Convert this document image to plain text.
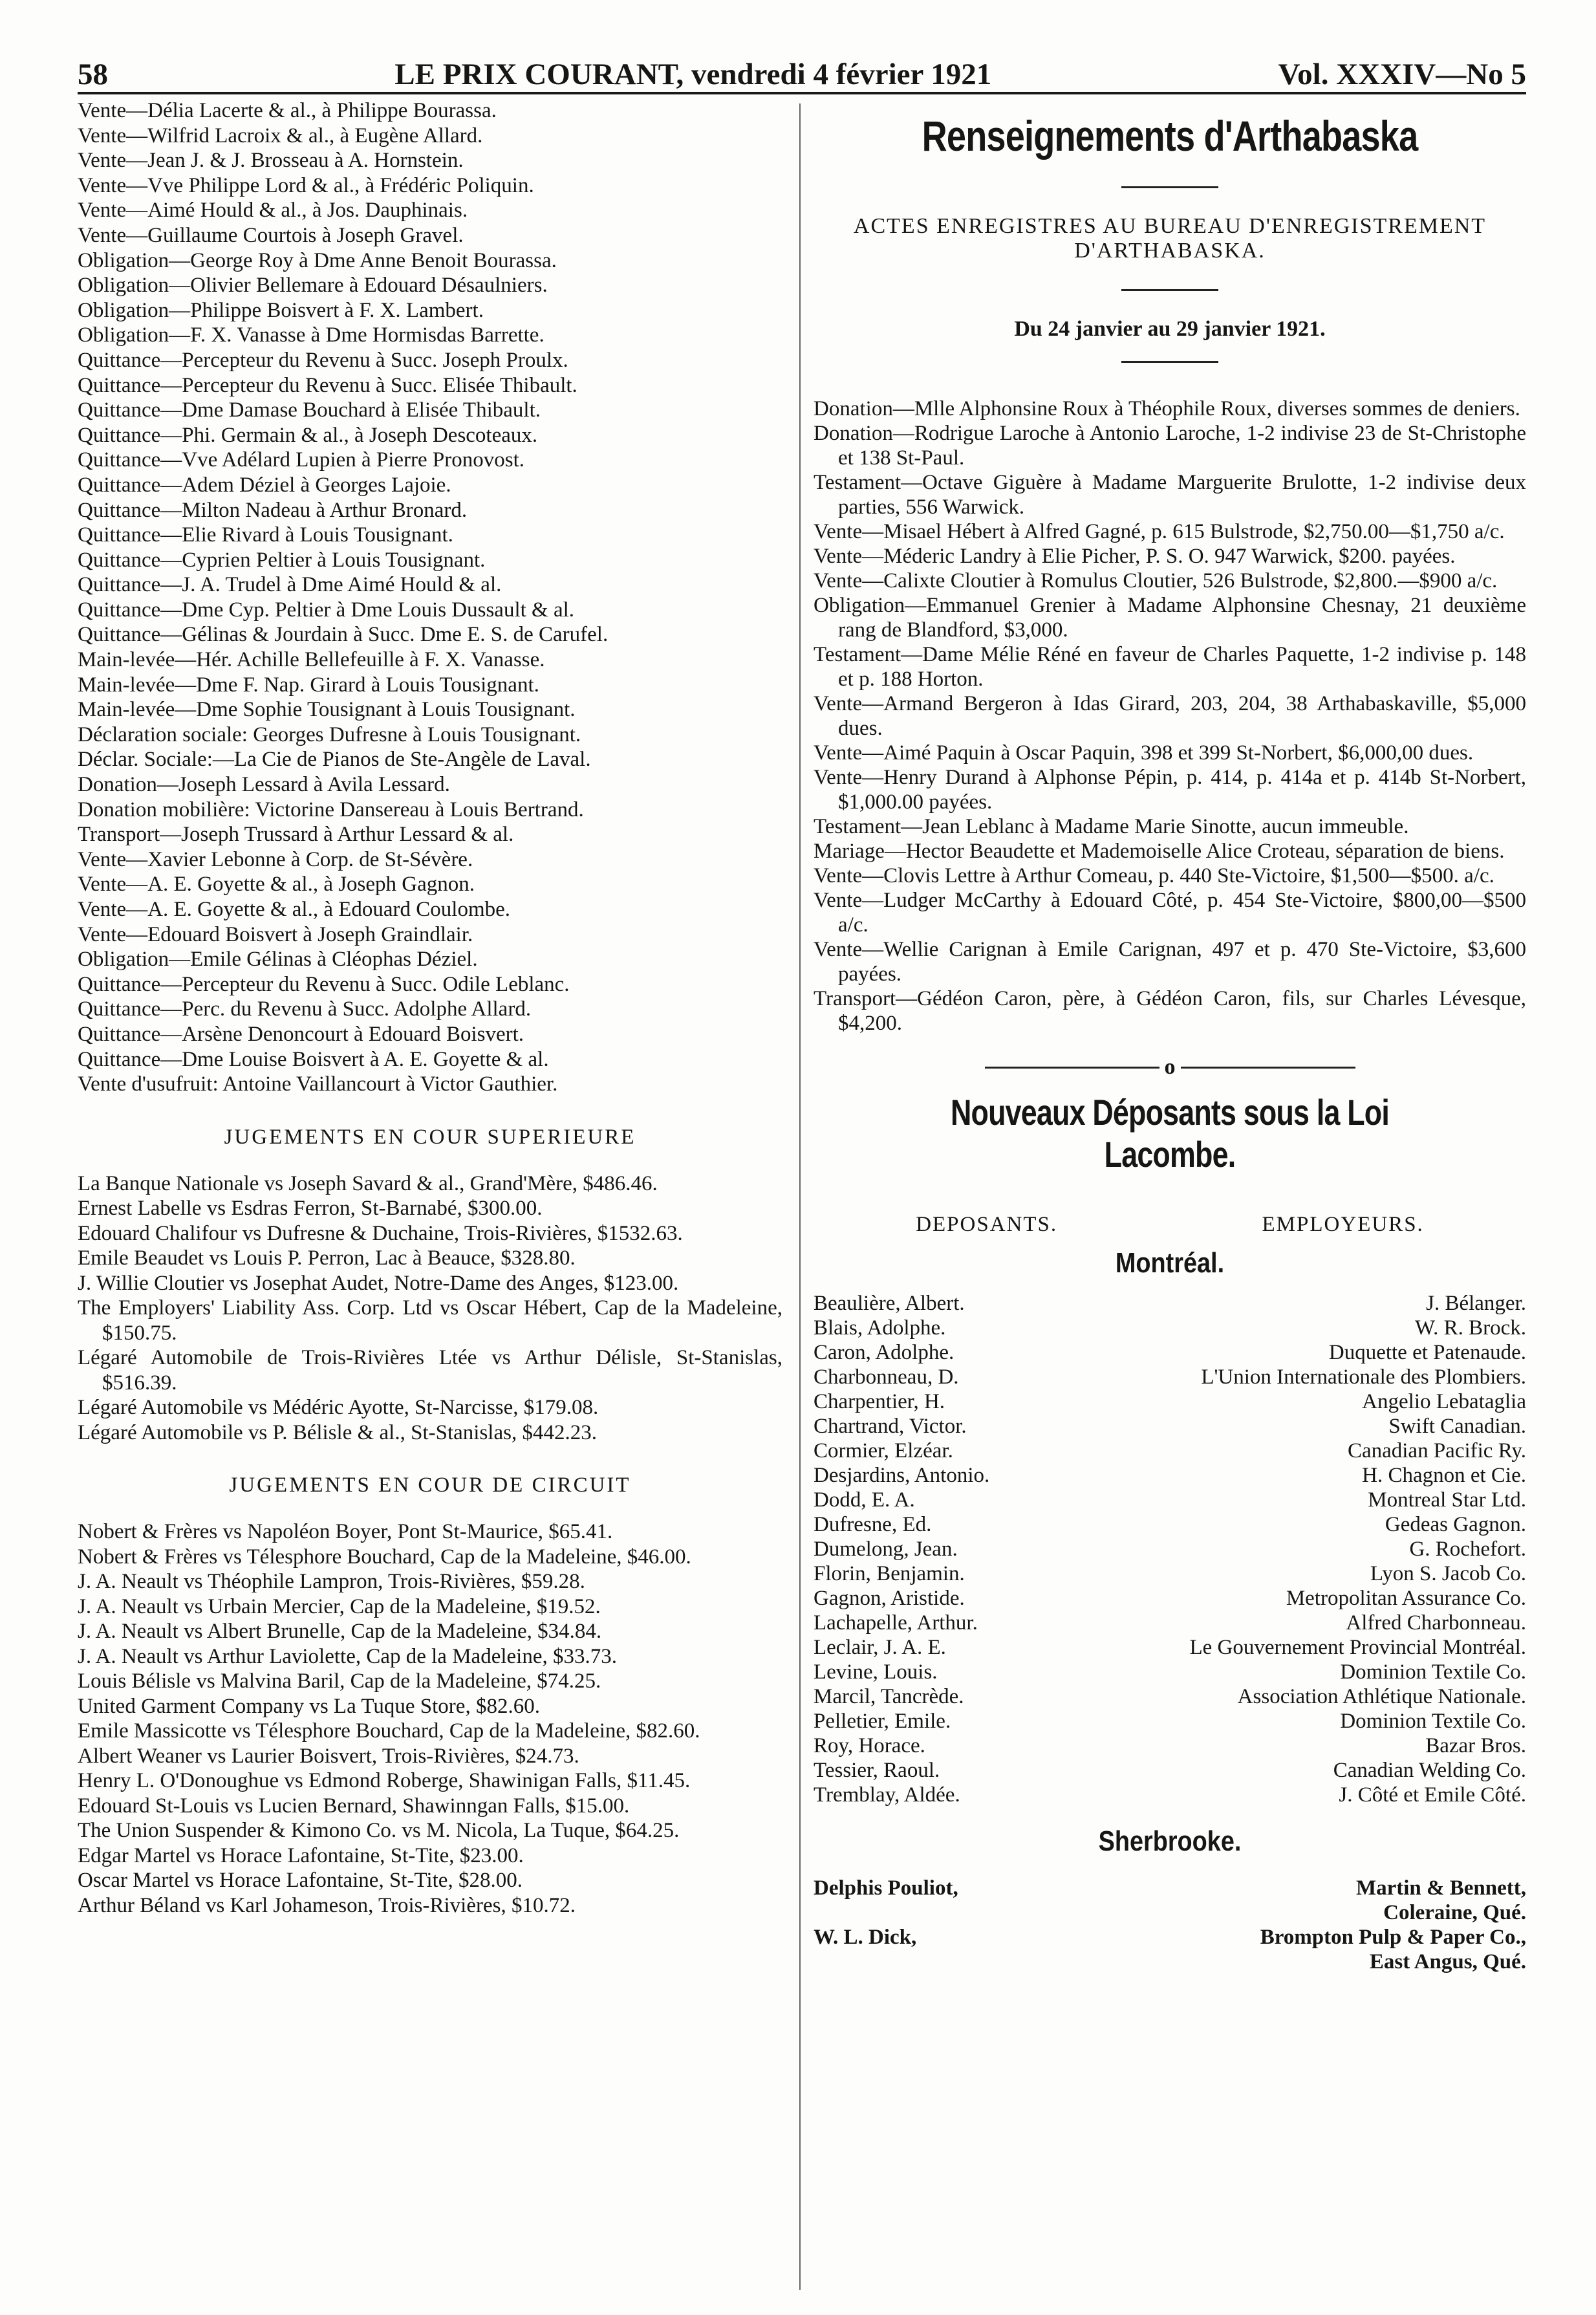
58	LE PRIX COURANT, vendredi 4 février 1921	Vol. XXXIV—No 5

Vente—Délia Lacerte & al., à Philippe Bourassa.

Vente—Wilfrid Lacroix & al., à Eugène Allard.

Vente—Jean J. & J. Brosseau à A. Hornstein.

Vente—Vve Philippe Lord & al., à Frédéric Poliquin.

Vente—Aimé Hould & al., à Jos. Dauphinais.

Vente—Guillaume Courtois à Joseph Gravel.

Obligation—George Roy à Dme Anne Benoit Bourassa.

Obligation—Olivier Bellemare à Edouard Désaulniers.

Obligation—Philippe Boisvert à F. X. Lambert.

Obligation—F. X. Vanasse à Dme Hormisdas Barrette.

Quittance—Percepteur du Revenu à Succ. Joseph Proulx.

Quittance—Percepteur du Revenu à Succ. Elisée Thibault.

Quittance—Dme Damase Bouchard à Elisée Thibault.

Quittance—Phi. Germain & al., à Joseph Descoteaux.

Quittance—Vve Adélard Lupien à Pierre Pronovost.

Quittance—Adem Déziel à Georges Lajoie.

Quittance—Milton Nadeau à Arthur Bronard.

Quittance—Elie Rivard à Louis Tousignant.

Quittance—Cyprien Peltier à Louis Tousignant.

Quittance—J. A. Trudel à Dme Aimé Hould & al.

Quittance—Dme Cyp. Peltier à Dme Louis Dussault & al.

Quittance—Gélinas & Jourdain à Succ. Dme E. S. de Carufel.

Main-levée—Hér. Achille Bellefeuille à F. X. Vanasse.

Main-levée—Dme F. Nap. Girard à Louis Tousignant.

Main-levée—Dme Sophie Tousignant à Louis Tousignant.

Déclaration sociale: Georges Dufresne à Louis Tousignant.

Déclar. Sociale:—La Cie de Pianos de Ste-Angèle de Laval.

Donation—Joseph Lessard à Avila Lessard.

Donation mobilière: Victorine Dansereau à Louis Bertrand.

Transport—Joseph Trussard à Arthur Lessard & al.

Vente—Xavier Lebonne à Corp. de St-Sévère.

Vente—A. E. Goyette & al., à Joseph Gagnon.

Vente—A. E. Goyette & al., à Edouard Coulombe.

Vente—Edouard Boisvert à Joseph Graindlair.

Obligation—Emile Gélinas à Cléophas Déziel.

Quittance—Percepteur du Revenu à Succ. Odile Leblanc.

Quittance—Perc. du Revenu à Succ. Adolphe Allard.

Quittance—Arsène Denoncourt à Edouard Boisvert.

Quittance—Dme Louise Boisvert à A. E. Goyette & al.

Vente d'usufruit: Antoine Vaillancourt à Victor Gauthier.

JUGEMENTS EN COUR SUPERIEURE

La Banque Nationale vs Joseph Savard & al., Grand'Mère, $486.46.

Ernest Labelle vs Esdras Ferron, St-Barnabé, $300.00.

Edouard Chalifour vs Dufresne & Duchaine, Trois-Rivières, $1532.63.

Emile Beaudet vs Louis P. Perron, Lac à Beauce, $328.80.

J. Willie Cloutier vs Josephat Audet, Notre-Dame des Anges, $123.00.

The Employers' Liability Ass. Corp. Ltd vs Oscar Hébert, Cap de la Madeleine, $150.75.

Légaré Automobile de Trois-Rivières Ltée vs Arthur Délisle, St-Stanislas, $516.39.

Légaré Automobile vs Médéric Ayotte, St-Narcisse, $179.08.

Légaré Automobile vs P. Bélisle & al., St-Stanislas, $442.23.

JUGEMENTS EN COUR DE CIRCUIT

Nobert & Frères vs Napoléon Boyer, Pont St-Maurice, $65.41.

Nobert & Frères vs Télesphore Bouchard, Cap de la Madeleine, $46.00.

J. A. Neault vs Théophile Lampron, Trois-Rivières, $59.28.

J. A. Neault vs Urbain Mercier, Cap de la Madeleine, $19.52.

J. A. Neault vs Albert Brunelle, Cap de la Madeleine, $34.84.

J. A. Neault vs Arthur Laviolette, Cap de la Madeleine, $33.73.

Louis Bélisle vs Malvina Baril, Cap de la Madeleine, $74.25.

United Garment Company vs La Tuque Store, $82.60.

Emile Massicotte vs Télesphore Bouchard, Cap de la Madeleine, $82.60.

Albert Weaner vs Laurier Boisvert, Trois-Rivières, $24.73.

Henry L. O'Donoughue vs Edmond Roberge, Shawinigan Falls, $11.45.

Edouard St-Louis vs Lucien Bernard, Shawinngan Falls, $15.00.

The Union Suspender & Kimono Co. vs M. Nicola, La Tuque, $64.25.

Edgar Martel vs Horace Lafontaine, St-Tite, $23.00.

Oscar Martel vs Horace Lafontaine, St-Tite, $28.00.

Arthur Béland vs Karl Johameson, Trois-Rivières, $10.72.

Renseignements d'Arthabaska
ACTES ENREGISTRES AU BUREAU D'ENREGISTREMENT D'ARTHABASKA.
Du 24 janvier au 29 janvier 1921.

Donation—Mlle Alphonsine Roux à Théophile Roux, diverses sommes de deniers.

Donation—Rodrigue Laroche à Antonio Laroche, 1-2 indivise 23 de St-Christophe et 138 St-Paul.

Testament—Octave Giguère à Madame Marguerite Brulotte, 1-2 indivise deux parties, 556 Warwick.

Vente—Misael Hébert à Alfred Gagné, p. 615 Bulstrode, $2,750.00—$1,750 a/c.

Vente—Méderic Landry à Elie Picher, P. S. O. 947 Warwick, $200. payées.

Vente—Calixte Cloutier à Romulus Cloutier, 526 Bulstrode, $2,800.—$900 a/c.

Obligation—Emmanuel Grenier à Madame Alphonsine Chesnay, 21 deuxième rang de Blandford, $3,000.

Testament—Dame Mélie Réné en faveur de Charles Paquette, 1-2 indivise p. 148 et p. 188 Horton.

Vente—Armand Bergeron à Idas Girard, 203, 204, 38 Arthabaskaville, $5,000 dues.

Vente—Aimé Paquin à Oscar Paquin, 398 et 399 St-Norbert, $6,000,00 dues.

Vente—Henry Durand à Alphonse Pépin, p. 414, p. 414a et p. 414b St-Norbert, $1,000.00 payées.

Testament—Jean Leblanc à Madame Marie Sinotte, aucun immeuble.

Mariage—Hector Beaudette et Mademoiselle Alice Croteau, séparation de biens.

Vente—Clovis Lettre à Arthur Comeau, p. 440 Ste-Victoire, $1,500—$500. a/c.

Vente—Ludger McCarthy à Edouard Côté, p. 454 Ste-Victoire, $800,00—$500 a/c.

Vente—Wellie Carignan à Emile Carignan, 497 et p. 470 Ste-Victoire, $3,600 payées.

Transport—Gédéon Caron, père, à Gédéon Caron, fils, sur Charles Lévesque, $4,200.

o
Nouveaux Déposants sous la Loi Lacombe.
DEPOSANTS.	EMPLOYEURS.
Montréal.
Beaulière, Albert.	J. Bélanger.
Blais, Adolphe.	W. R. Brock.
Caron, Adolphe.	Duquette et Patenaude.
Charbonneau, D.	L'Union Internationale des Plombiers.
Charpentier, H.	Angelio Lebataglia
Chartrand, Victor.	Swift Canadian.
Cormier, Elzéar.	Canadian Pacific Ry.
Desjardins, Antonio.	H. Chagnon et Cie.
Dodd, E. A.	Montreal Star Ltd.
Dufresne, Ed.	Gedeas Gagnon.
Dumelong, Jean.	G. Rochefort.
Florin, Benjamin.	Lyon S. Jacob Co.
Gagnon, Aristide.	Metropolitan Assurance Co.
Lachapelle, Arthur.	Alfred Charbonneau.
Leclair, J. A. E.	Le Gouvernement Provincial Montréal.
Levine, Louis.	Dominion Textile Co.
Marcil, Tancrède.	Association Athlétique Nationale.
Pelletier, Emile.	Dominion Textile Co.
Roy, Horace.	Bazar Bros.
Tessier, Raoul.	Canadian Welding Co.
Tremblay, Aldée.	J. Côté et Emile Côté.
Sherbrooke.
Delphis Pouliot,	Martin & Bennett,
Coleraine, Qué.
W. L. Dick,	Brompton Pulp & Paper Co.,
East Angus, Qué.
